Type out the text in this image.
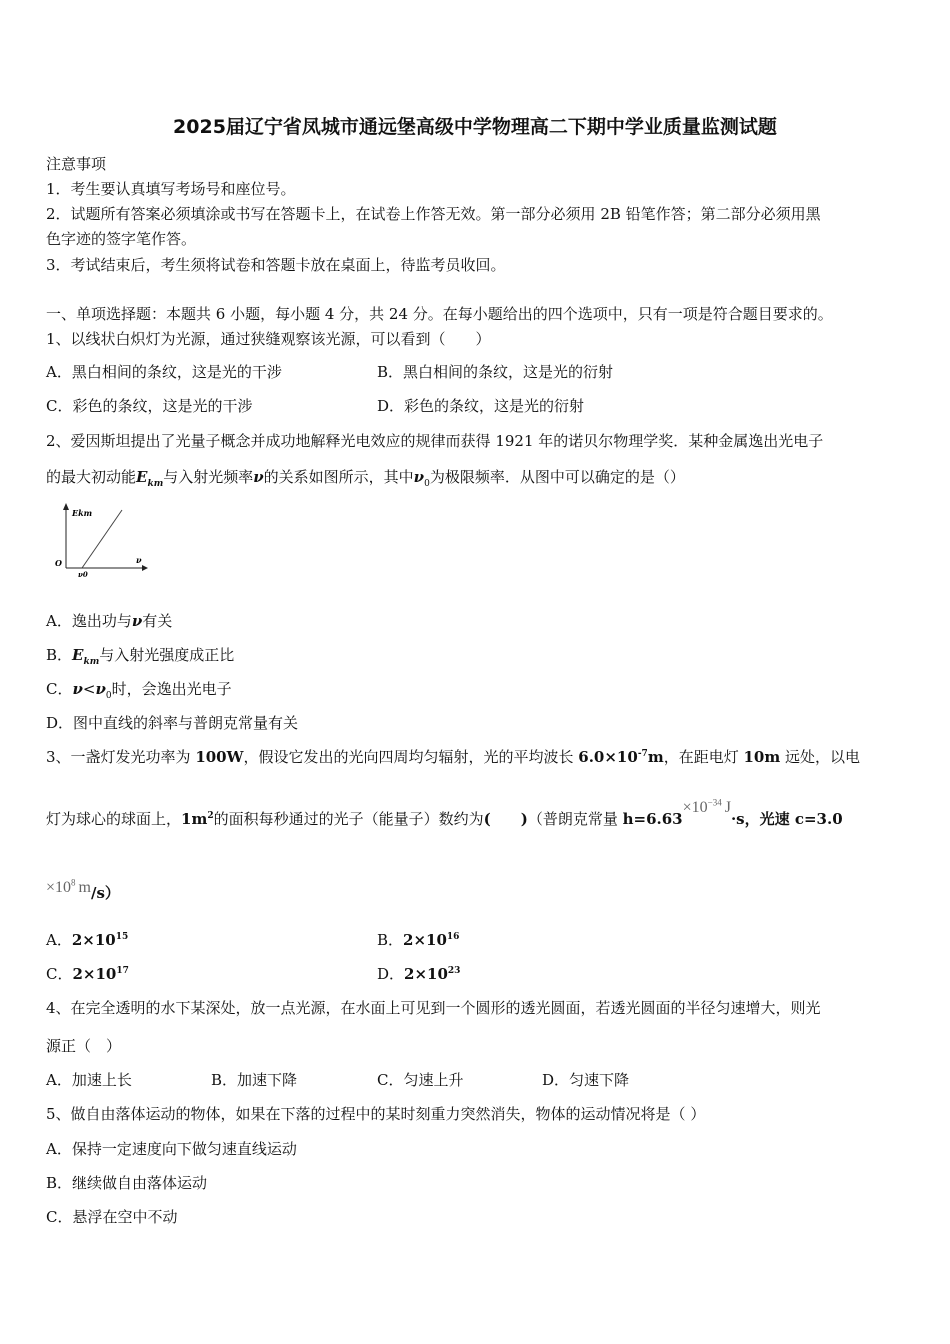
2025届辽宁省凤城市通远堡高级中学物理高二下期中学业质量监测试题
注意事项
1．考生要认真填写考场号和座位号。
2．试题所有答案必须填涂或书写在答题卡上，在试卷上作答无效。第一部分必须用 2B 铅笔作答；第二部分必须用黑
色字迹的签字笔作答。
3．考试结束后，考生须将试卷和答题卡放在桌面上，待监考员收回。
一、单项选择题：本题共 6 小题，每小题 4 分，共 24 分。在每小题给出的四个选项中，只有一项是符合题目要求的。
1、以线状白炽灯为光源，通过狭缝观察该光源，可以看到（　　）
A．黑白相间的条纹，这是光的干涉	B．黑白相间的条纹，这是光的衍射
C．彩色的条纹，这是光的干涉	D．彩色的条纹，这是光的衍射
2、爱因斯坦提出了光量子概念并成功地解释光电效应的规律而获得 1921 年的诺贝尔物理学奖．某种金属逸出光电子
的最大初动能$E_{km}$与入射光频率ν的关系如图所示，其中$\nu_0$为极限频率．从图中可以确定的是（）
Ekm
O
ν0
ν
A．逸出功与ν有关
B．$E_{km}$与入射光强度成正比
C．$\nu<\nu_0$时，会逸出光电子
D．图中直线的斜率与普朗克常量有关
3、一盏灯发光功率为 100W，假设它发出的光向四周均匀辐射，光的平均波长 $6.0\times 10^{-7}m$，在距电灯 10m 远处，以电
灯为球心的球面上，$1m^2$的面积每秒通过的光子（能量子）数约为(　　)（普朗克常量 $h=6.63\times 10^{-34}$ J·s，光速 c=3.0
$\times 10^8$ m/s）
A．$2\times 10^{15}$	B．$2\times 10^{16}$
C．$2\times 10^{17}$	D．$2\times 10^{23}$
4、在完全透明的水下某深处，放一点光源，在水面上可见到一个圆形的透光圆面，若透光圆面的半径匀速增大，则光
源正（　）
A．加速上长	B．加速下降	C．匀速上升	D．匀速下降
5、做自由落体运动的物体，如果在下落的过程中的某时刻重力突然消失，物体的运动情况将是（ ）
A．保持一定速度向下做匀速直线运动
B．继续做自由落体运动
C．悬浮在空中不动
